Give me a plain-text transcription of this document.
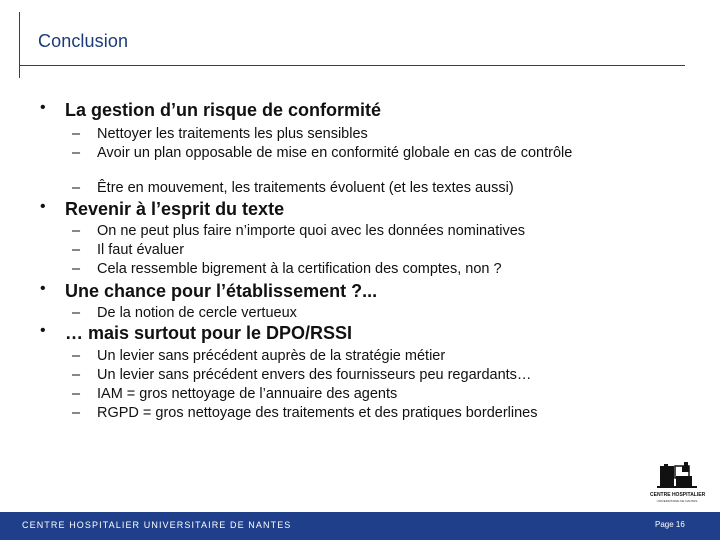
Conclusion
• La gestion d’un risque de conformité
– Nettoyer les traitements les plus sensibles
– Avoir un plan opposable de mise en conformité globale en cas de contrôle
– Être en mouvement, les traitements évoluent (et les textes aussi)
• Revenir à l’esprit du texte
– On ne peut plus faire n’importe quoi avec les données nominatives
– Il faut évaluer
– Cela ressemble bigrement à la certification des comptes, non ?
• Une chance pour l’établissement ?...
– De la notion de cercle vertueux
• … mais surtout pour le DPO/RSSI
– Un levier sans précédent auprès de la stratégie métier
– Un levier sans précédent envers des fournisseurs peu regardants…
– IAM = gros nettoyage de l’annuaire des agents
– RGPD = gros nettoyage des traitements et des pratiques borderlines
CENTRE HOSPITALIER
UNIVERSITAIRE DE NANTES
CENTRE HOSPITALIER UNIVERSITAIRE DE NANTES	Page 16
